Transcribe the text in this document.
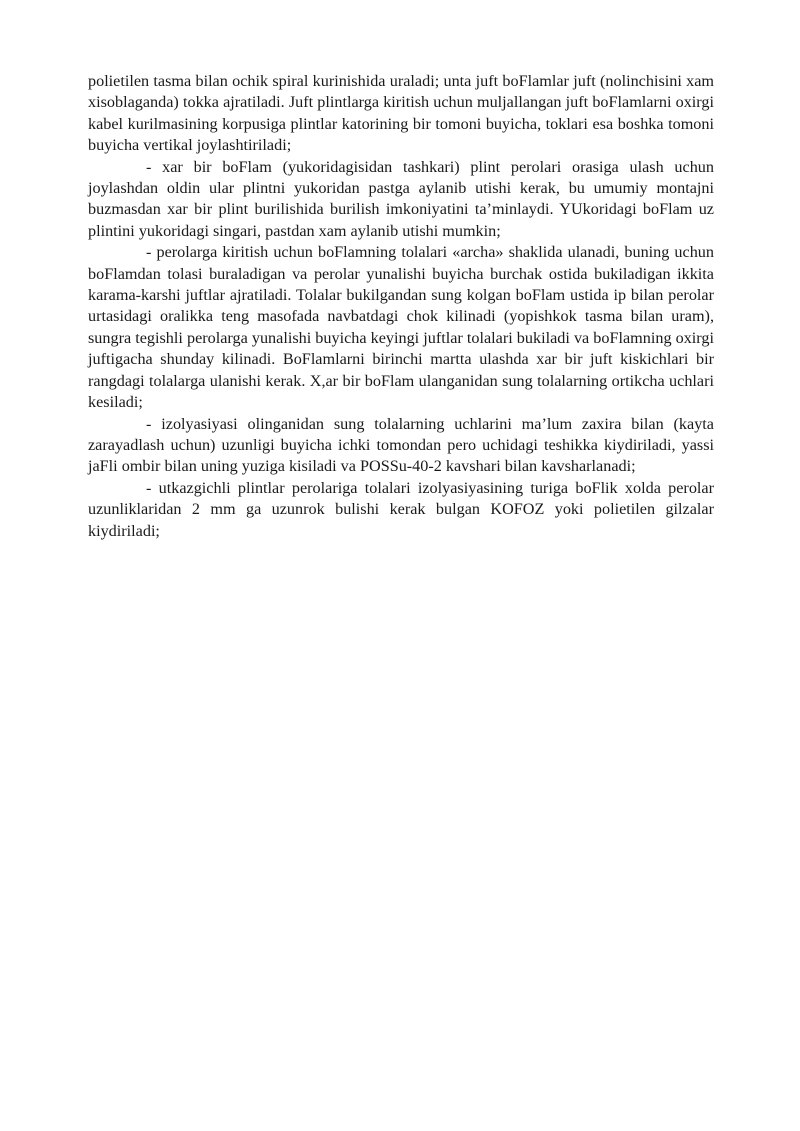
polietilen tasma bilan ochik spiral kurinishida uraladi; unta juft boFlamlar juft (nolinchisini xam xisoblaganda) tokka ajratiladi. Juft plintlarga kiritish uchun muljallangan juft boFlamlarni oxirgi kabel kurilmasining korpusiga plintlar katorining bir tomoni buyicha, toklari esa boshka tomoni buyicha vertikal joylashtiriladi;

- xar bir boFlam (yukoridagisidan tashkari) plint perolari orasiga ulash uchun joylashdan oldin ular plintni yukoridan pastga aylanib utishi kerak, bu umumiy montajni buzmasdan xar bir plint burilishida burilish imkoniyatini ta’minlaydi. YUkoridagi boFlam uz plintini yukoridagi singari, pastdan xam aylanib utishi mumkin;

- perolarga kiritish uchun boFlamning tolalari «archa» shaklida ulanadi, buning uchun boFlamdan tolasi buraladigan va perolar yunalishi buyicha burchak ostida bukiladigan ikkita karama-karshi juftlar ajratiladi. Tolalar bukilgandan sung kolgan boFlam ustida ip bilan perolar urtasidagi oralikka teng masofada navbatdagi chok kilinadi (yopishkok tasma bilan uram), sungra tegishli perolarga yunalishi buyicha keyingi juftlar tolalari bukiladi va boFlamning oxirgi juftigacha shunday kilinadi. BoFlamlarni birinchi martta ulashda xar bir juft kiskichlari bir rangdagi tolalarga ulanishi kerak. X,ar bir boFlam ulanganidan sung tolalarning ortikcha uchlari kesiladi;

- izolyasiyasi olinganidan sung tolalarning uchlarini ma’lum zaxira bilan (kayta zarayadlash uchun) uzunligi buyicha ichki tomondan pero uchidagi teshikka kiydiriladi, yassi jaFli ombir bilan uning yuziga kisiladi va POSSu-40-2 kavshari bilan kavsharlanadi;

- utkazgichli plintlar perolariga tolalari izolyasiyasining turiga boFlik xolda perolar uzunliklaridan 2 mm ga uzunrok bulishi kerak bulgan KOFOZ yoki polietilen gilzalar kiydiriladi;
